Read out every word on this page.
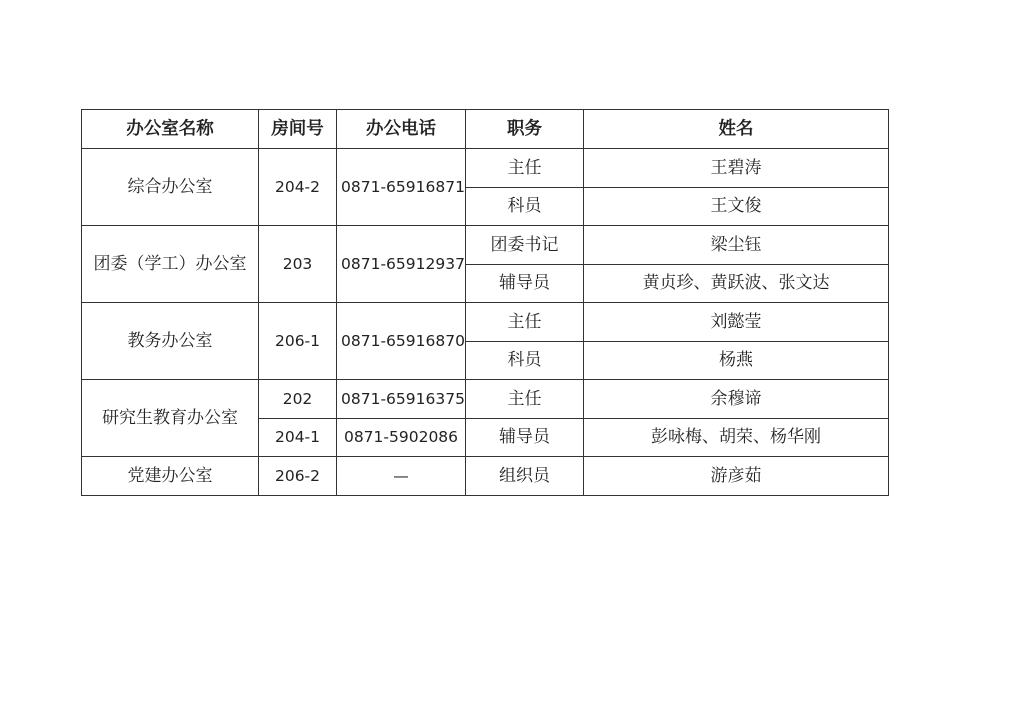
办公室名称	房间号	办公电话	职务	姓名
综合办公室	204-2	0871-65916871	主任	王碧涛
			科员	王文俊
团委（学工）办公室	203	0871-65912937	团委书记	梁尘钰
			辅导员	黄贞珍、黄跃波、张文达
教务办公室	206-1	0871-65916870	主任	刘懿莹
			科员	杨燕
研究生教育办公室	202	0871-65916375	主任	余穆谛
	204-1	0871-5902086	辅导员	彭咏梅、胡荣、杨华刚
党建办公室	206-2	—	组织员	游彦茹
